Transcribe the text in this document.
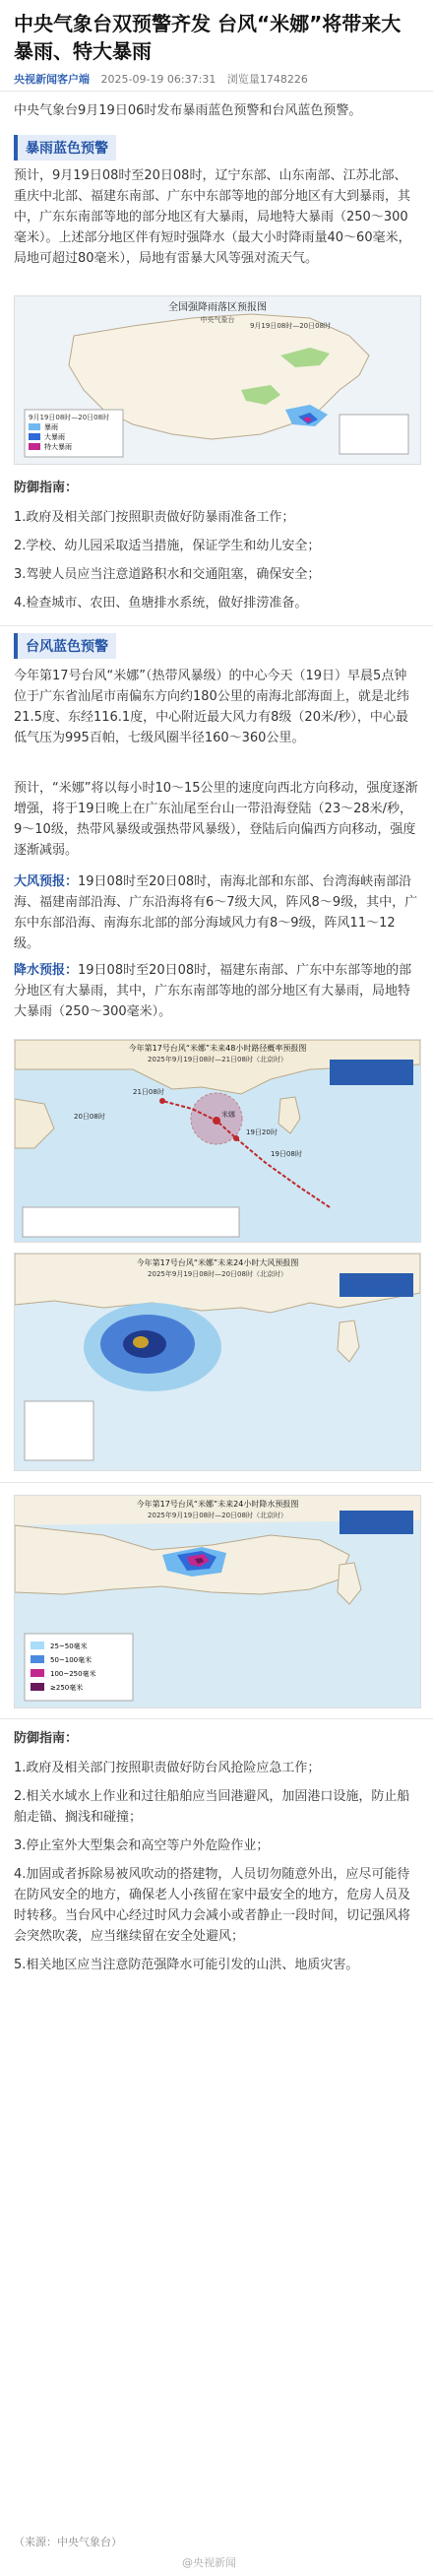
中央气象台双预警齐发 台风“米娜”将带来大暴雨、特大暴雨
央视新闻客户端 2025-09-19 06:37:31 浏览量1748226
中央气象台9月19日06时发布暴雨蓝色预警和台风蓝色预警。
暴雨蓝色预警
预计，9月19日08时至20日08时，辽宁东部、山东南部、江苏北部、重庆中北部、福建东南部、广东中东部等地的部分地区有大到暴雨，其中，广东东南部等地的部分地区有大暴雨，局地特大暴雨（250～300毫米）。上述部分地区伴有短时强降水（最大小时降雨量40～60毫米，局地可超过80毫米），局地有雷暴大风等强对流天气。
全国强降雨落区预报图
9月19日08时—20日08时
中央气象台
9月19日08时—20日08时
暴雨
大暴雨
特大暴雨
防御指南：
1.政府及相关部门按照职责做好防暴雨准备工作；
2.学校、幼儿园采取适当措施，保证学生和幼儿安全；
3.驾驶人员应当注意道路积水和交通阻塞，确保安全；
4.检查城市、农田、鱼塘排水系统，做好排涝准备。
台风蓝色预警
今年第17号台风“米娜”（热带风暴级）的中心今天（19日）早晨5点钟位于广东省汕尾市南偏东方向约180公里的南海北部海面上，就是北纬21.5度、东经116.1度，中心附近最大风力有8级（20米/秒），中心最低气压为995百帕，七级风圈半径160～360公里。
预计，“米娜”将以每小时10～15公里的速度向西北方向移动，强度逐渐增强，将于19日晚上在广东汕尾至台山一带沿海登陆（23～28米/秒，9～10级，热带风暴级或强热带风暴级），登陆后向偏西方向移动，强度逐渐减弱。
大风预报：19日08时至20日08时，南海北部和东部、台湾海峡南部沿海、福建南部沿海、广东沿海将有6～7级大风，阵风8～9级，其中，广东中东部沿海、南海东北部的部分海域风力有8～9级，阵风11～12级。
降水预报：19日08时至20日08时，福建东南部、广东中东部等地的部分地区有大暴雨，其中，广东东南部等地的部分地区有大暴雨，局地特大暴雨（250～300毫米）。
今年第17号台风“米娜”未来48小时路径概率预报图
2025年9月19日08时—21日08时（北京时）
20日08时
21日08时
19日20时
米娜
19日08时
今年第17号台风“米娜”未来24小时大风预报图
2025年9月19日08时—20日08时（北京时）
25~50毫米
50~100毫米
100~250毫米
≥250毫米
今年第17号台风“米娜”未来24小时降水预报图
2025年9月19日08时—20日08时（北京时）
防御指南：
1.政府及相关部门按照职责做好防台风抢险应急工作；
2.相关水域水上作业和过往船舶应当回港避风，加固港口设施，防止船舶走锚、搁浅和碰撞；
3.停止室外大型集会和高空等户外危险作业；
4.加固或者拆除易被风吹动的搭建物，人员切勿随意外出，应尽可能待在防风安全的地方，确保老人小孩留在家中最安全的地方，危房人员及时转移。当台风中心经过时风力会减小或者静止一段时间，切记强风将会突然吹袭，应当继续留在安全处避风；
5.相关地区应当注意防范强降水可能引发的山洪、地质灾害。
（来源：中央气象台）
@央视新闻
